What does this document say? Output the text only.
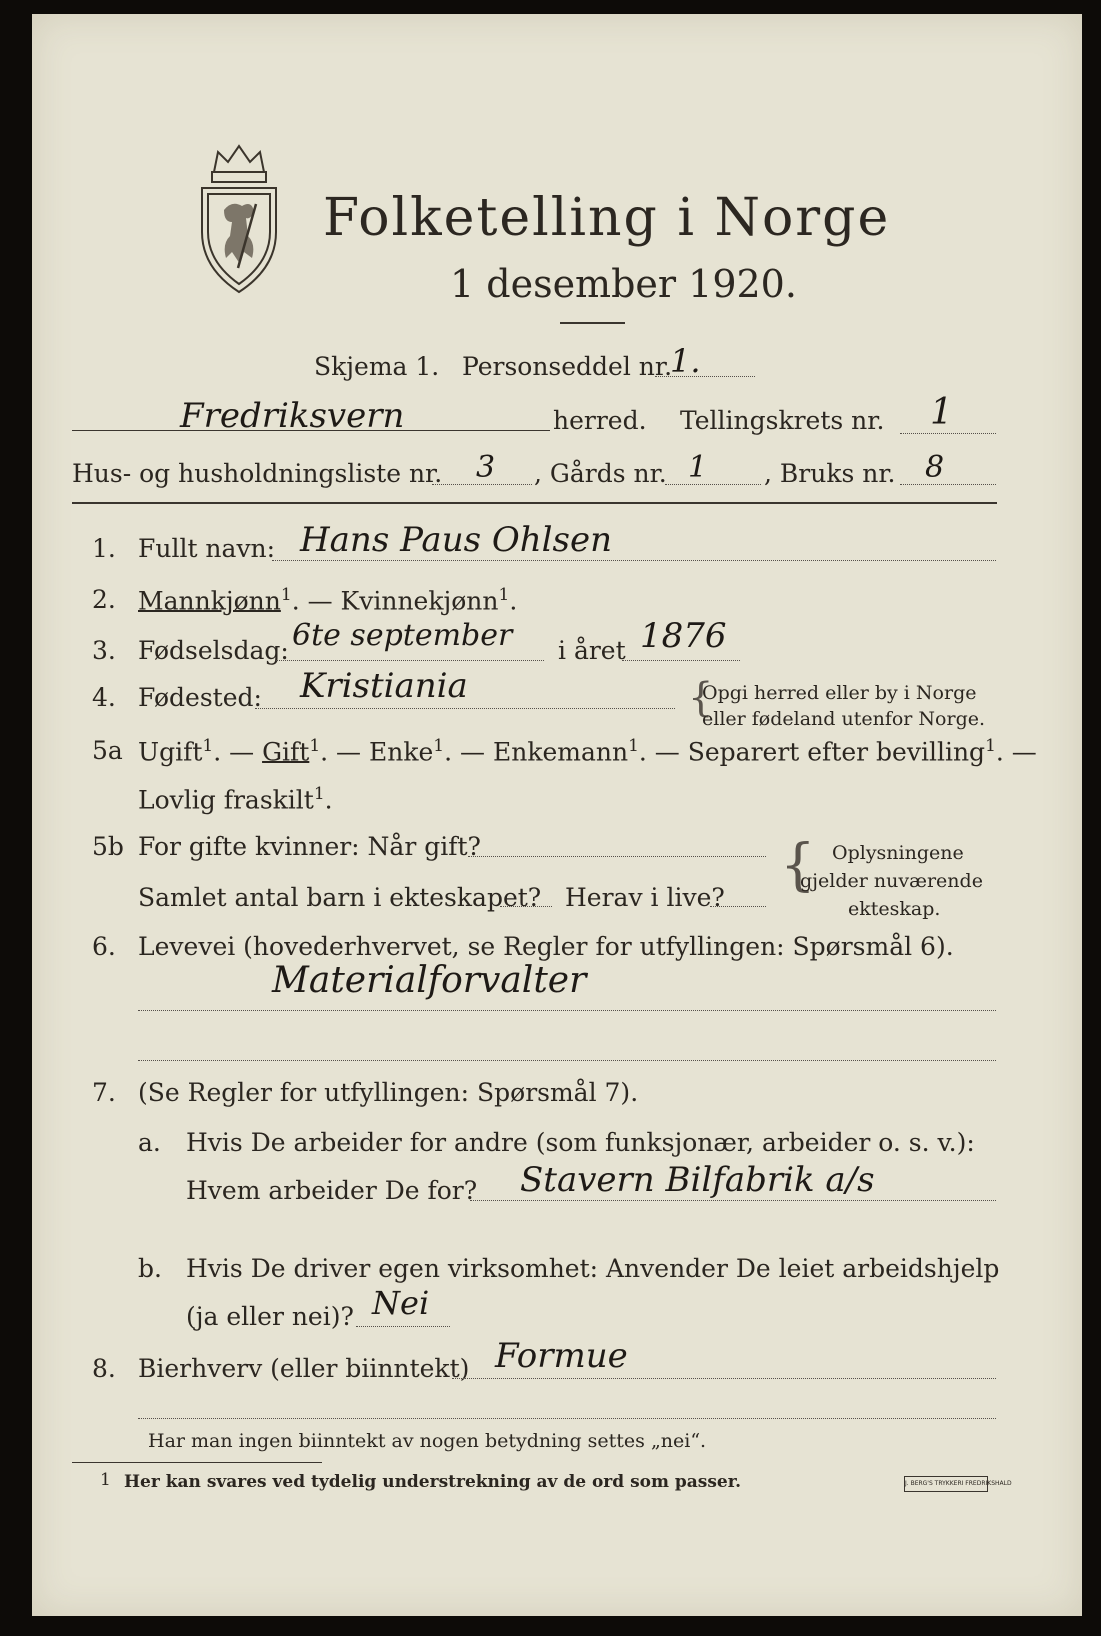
Folketelling i Norge
1 desember 1920.
Skjema 1. Personseddel nr.
1.
Fredriksvern	herred. Tellingskrets nr. 1
Hus- og husholdningsliste nr. 3 , Gårds nr. 1 , Bruks nr. 8
1. Fullt navn: Hans Paus Ohlsen
2. Mannkjønn$^1$. — Kvinnekjønn$^1$.
3. Fødselsdag: 6te september i året 1876
4. Fødested: Kristiania	{
Opgi herred eller by i Norge
eller fødeland utenfor Norge.
5a Ugift$^1$. — Gift$^1$. — Enke$^1$. — Enkemann$^1$. — Separert efter bevilling$^1$. —
Lovlig fraskilt$^1$.
5b For gifte kvinner: Når gift?
Samlet antal barn i ekteskapet? Herav i live? { Oplysningene
gjelder nuværende
ekteskap.
6. Levevei (hovederhvervet, se Regler for utfyllingen: Spørsmål 6).
Materialforvalter
7. (Se Regler for utfyllingen: Spørsmål 7).
a. Hvis De arbeider for andre (som funksjonær, arbeider o. s. v.):
Hvem arbeider De for? Stavern Bilfabrik a/s
b. Hvis De driver egen virksomhet: Anvender De leiet arbeidshjelp
(ja eller nei)? Nei
8. Bierhverv (eller biinntekt) Formue
Har man ingen biinntekt av nogen betydning settes „nei“.
1 Her kan svares ved tydelig understrekning av de ord som passer.	J. BERG'S TRYKKERI FREDRIKSHALD
